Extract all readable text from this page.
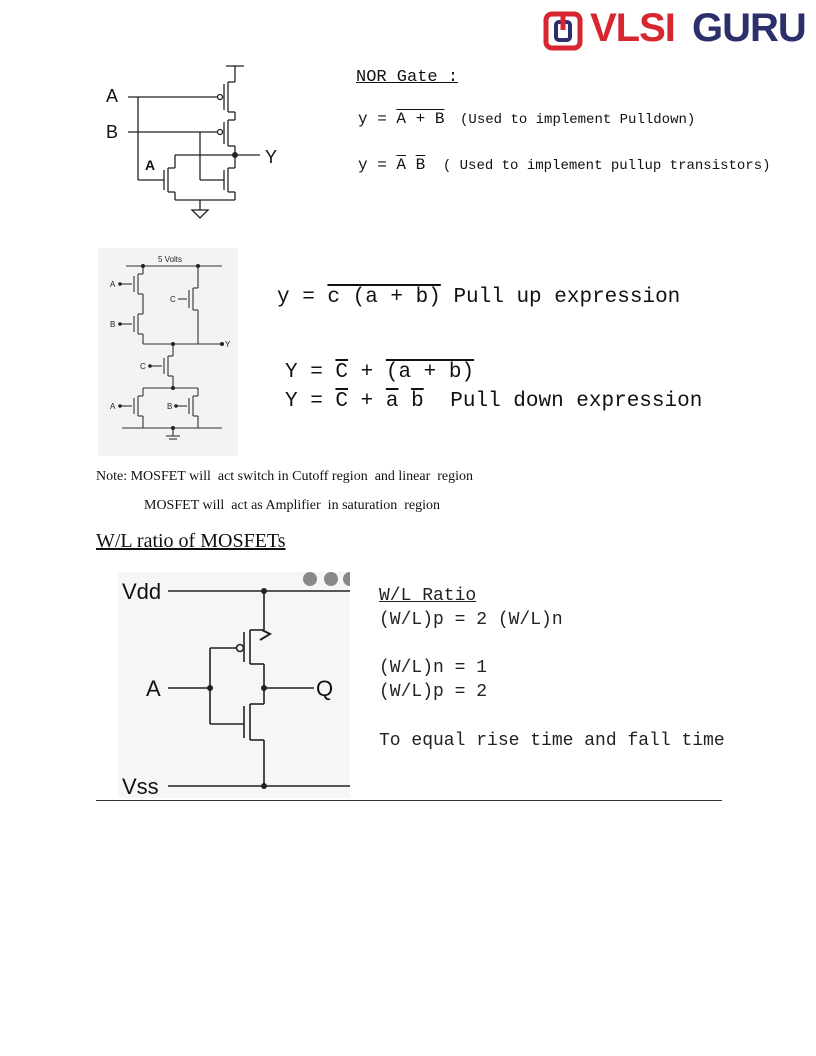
VLSI GURU
A
B
Y
A
NOR Gate :
y = A + B (Used to implement Pulldown)
$y = \overline{A}$ $\overline{B}$ ( Used to implement pullup transistors)
5 Volts
A
B
C
Y
C
A	B
y = c (a + b) Pull up expression
$Y = \overline{C} + (a + b)$
$Y = \overline{C} + \overline{a}$ $\overline{b}$ Pull down expression
Note: MOSFET will  act switch in Cutoff region  and linear  region
MOSFET will  act as Amplifier  in saturation  region
W/L ratio of MOSFETs
Vdd
A	Q
Vss
W/L Ratio
(W/L)p = 2 (W/L)n
(W/L)n = 1
(W/L)p = 2
To equal rise time and fall time
